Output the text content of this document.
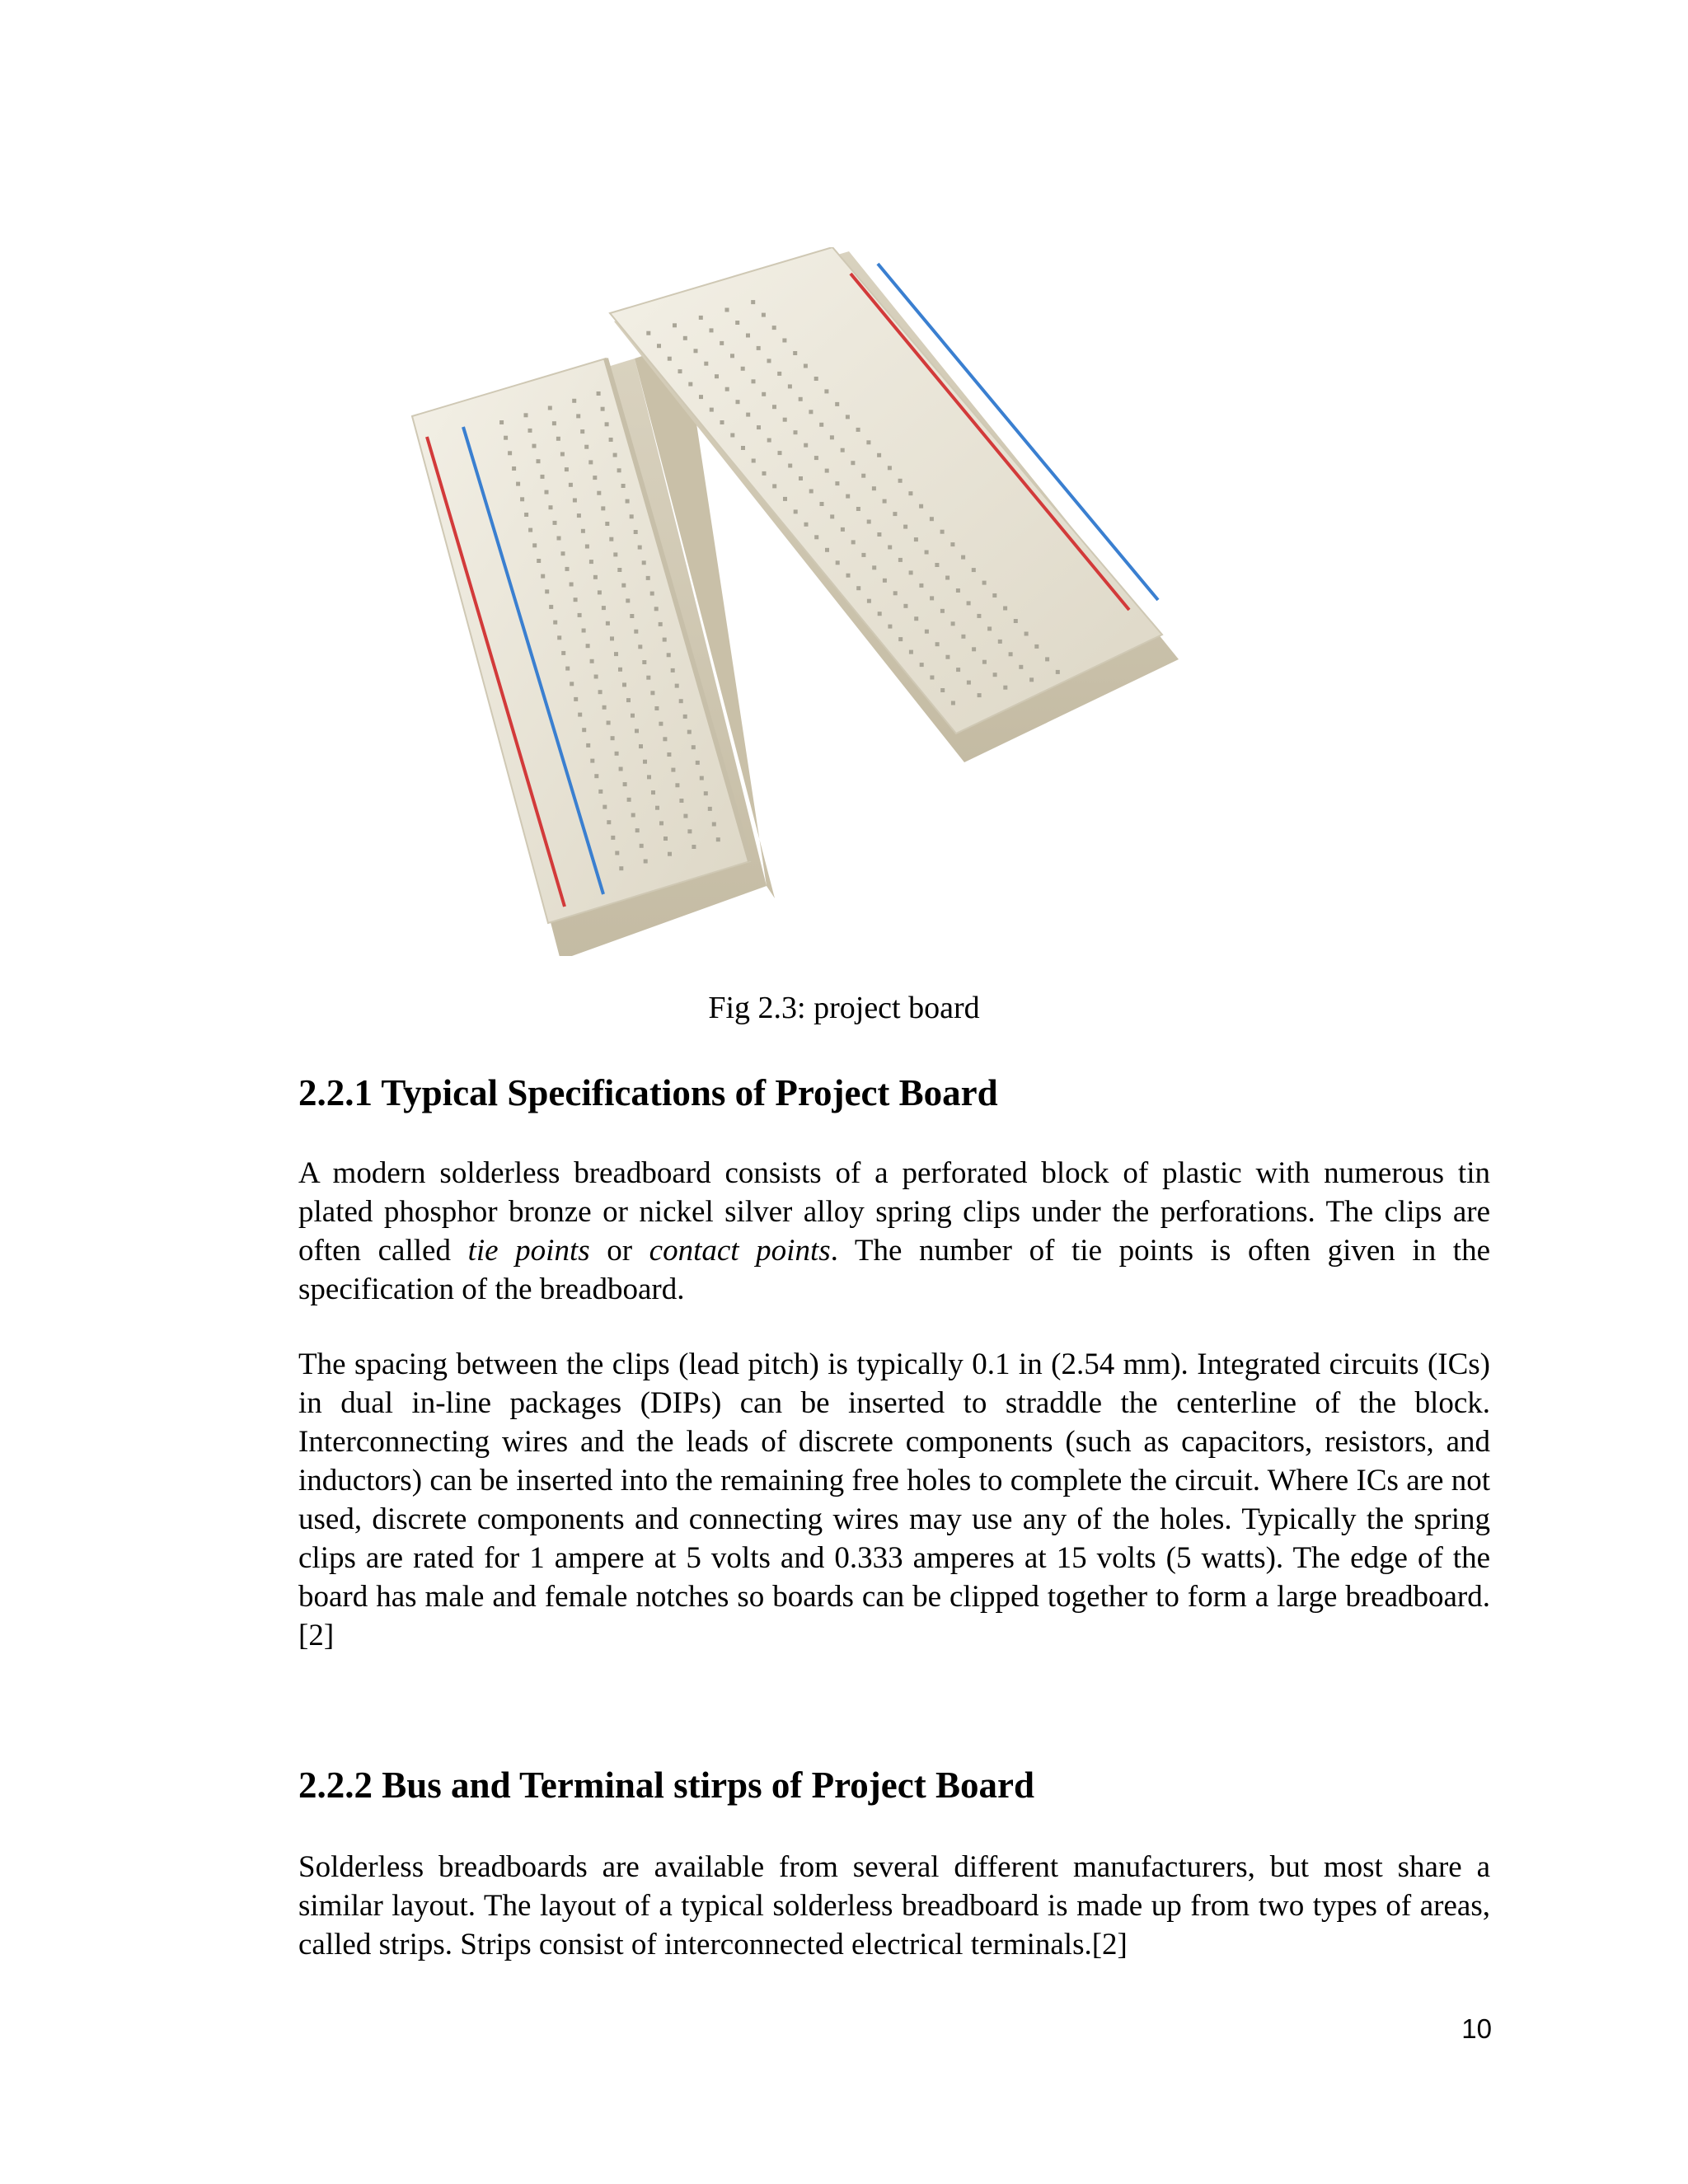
Fig 2.3: project board
2.2.1 Typical Specifications of Project Board
A modern solderless breadboard consists of a perforated block of plastic with numerous tin plated phosphor bronze or nickel silver alloy spring clips under the perforations. The clips are often called tie points or contact points. The number of tie points is often given in the specification of the breadboard.
The spacing between the clips (lead pitch) is typically 0.1 in (2.54 mm). Integrated circuits (ICs) in dual in-line packages (DIPs) can be inserted to straddle the centerline of the block. Interconnecting wires and the leads of discrete components (such as capacitors, resistors, and inductors) can be inserted into the remaining free holes to complete the circuit. Where ICs are not used, discrete components and connecting wires may use any of the holes. Typically the spring clips are rated for 1 ampere at 5 volts and 0.333 amperes at 15 volts (5 watts). The edge of the board has male and female notches so boards can be clipped together to form a large breadboard.[2]
2.2.2 Bus and Terminal stirps of Project Board
Solderless breadboards are available from several different manufacturers, but most share a similar layout. The layout of a typical solderless breadboard is made up from two types of areas, called strips. Strips consist of interconnected electrical terminals.[2]
10
